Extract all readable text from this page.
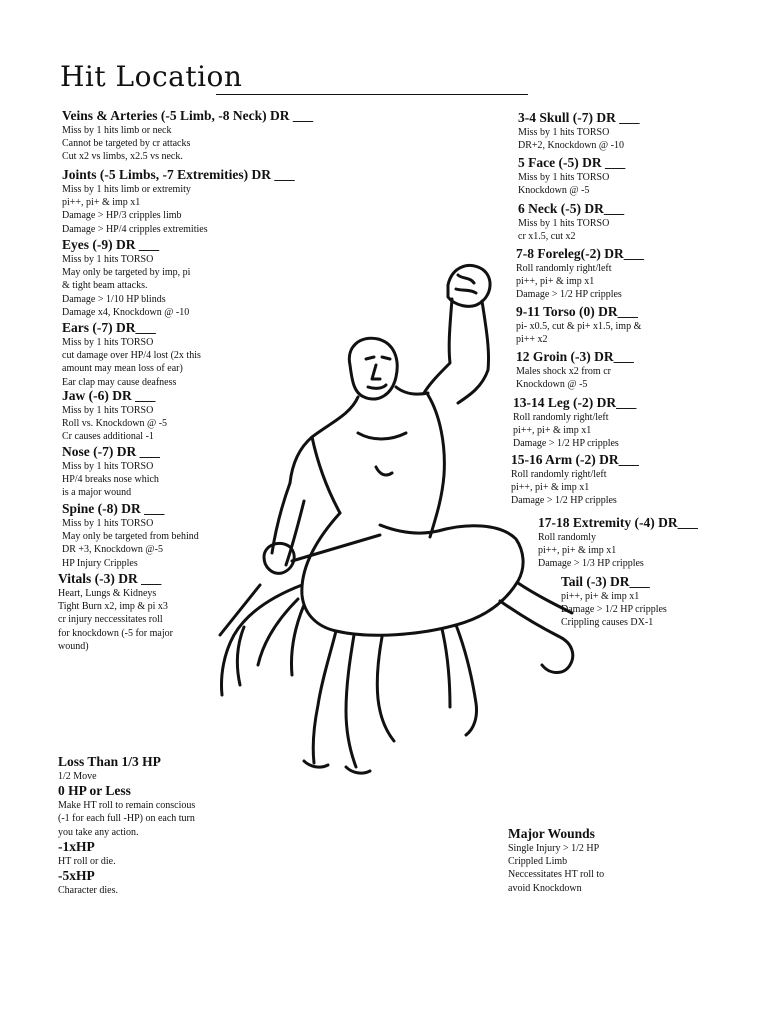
Hit Location
Veins & Arteries (-5 Limb, -8 Neck) DR ___
Miss by 1 hits limb or neck
Cannot be targeted by cr attacks
Cut x2 vs limbs, x2.5 vs neck.
Joints (-5 Limbs, -7 Extremities) DR ___
Miss by 1 hits limb or extremity
pi++, pi+ & imp x1
Damage > HP/3 cripples limb
Damage > HP/4 cripples extremities
Eyes (-9) DR ___
Miss by 1 hits TORSO
May only be targeted by imp, pi
& tight beam attacks.
Damage > 1/10 HP blinds
Damage x4, Knockdown @ -10
Ears (-7) DR___
Miss by 1 hits TORSO
cut damage over HP/4 lost (2x this
amount may mean loss of ear)
Ear clap may cause deafness
Jaw (-6) DR ___
Miss by 1 hits TORSO
Roll vs. Knockdown @ -5
Cr causes additional -1
Nose (-7) DR ___
Miss by 1 hits TORSO
HP/4 breaks nose which
is a major wound
Spine (-8) DR ___
Miss by 1 hits TORSO
May only be targeted from behind
DR +3, Knockdown @-5
HP Injury Cripples
Vitals (-3) DR ___
Heart, Lungs & Kidneys
Tight Burn x2, imp & pi x3
cr injury neccessitates roll
for knockdown (-5 for major
wound)
3-4 Skull (-7) DR ___
Miss by 1 hits TORSO
DR+2, Knockdown @ -10
5 Face (-5) DR ___
Miss by 1 hits TORSO
Knockdown @ -5
6 Neck (-5) DR___
Miss by 1 hits TORSO
cr x1.5, cut x2
7-8 Foreleg(-2) DR___
Roll randomly right/left
pi++, pi+ & imp x1
Damage > 1/2 HP cripples
9-11 Torso (0) DR___
pi- x0.5, cut & pi+ x1.5, imp &
pi++ x2
12 Groin (-3) DR___
Males shock x2 from cr
Knockdown @ -5
13-14 Leg (-2) DR___
Roll randomly right/left
pi++, pi+ & imp x1
Damage > 1/2 HP cripples
15-16 Arm (-2) DR___
Roll randomly right/left
pi++, pi+ & imp x1
Damage > 1/2 HP cripples
17-18 Extremity (-4) DR___
Roll randomly
pi++, pi+ & imp x1
Damage > 1/3 HP cripples
Tail (-3) DR___
pi++, pi+ & imp x1
Damage > 1/2 HP cripples
Crippling causes DX-1
Loss Than 1/3 HP
1/2 Move
0 HP or Less
Make HT roll to remain conscious
(-1 for each full -HP) on each turn
you take any action.
-1xHP
HT roll or die.
-5xHP
Character dies.
Major Wounds
Single Injury > 1/2 HP
Crippled Limb
Neccessitates HT roll to
avoid Knockdown
